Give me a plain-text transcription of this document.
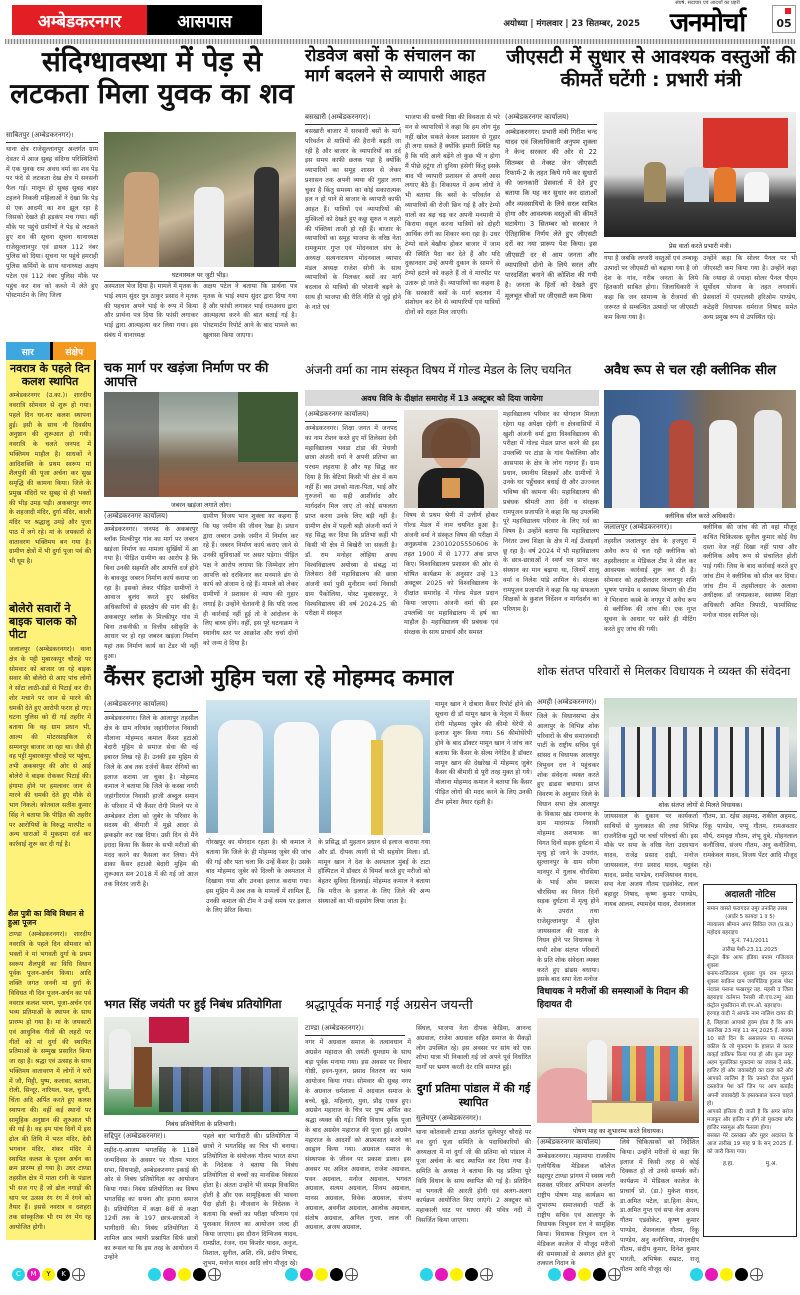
अम्बेडकरनगर	आसपास	अयोध्या | मंगलवार | 23 सितम्बर, 2025
संघर्ष, सदाचार एवं आदर्शों का प्रहरी
जनमोर्चा	05
संदिग्धावस्था में पेड़ से लटकता मिला युवक का शव
साबितपुर (अम्बेडकरनगर)।
थाना क्षेत्र राजेसुल्तानपुर अन्तर्गत ग्राम देवतर में आज सुबह संदिग्ध परिस्थितियों में एक युवक राम अवध वर्मा का शव पेड़ पर फंदे से लटकता देख क्षेत्र में सनसनी फैल गई। मालूम हो सुबह सुबह बाहर टहलने निकली महिलाओं ने देखा कि पेड़ से एक आदमी का शव झूल रहा है जिसको देखते ही हड़कंप मच गया। वहीं मौके पर पहुंचे ग्रामीणों ने पेड़ से लटकते हुए शव की सूचना सूचना थानाध्यक्ष राजेसुल्तानपुर एवं डायल 112 नंबर पुलिस को दिया। सूचना पर पहुंचे हमराही पुलिस कर्मियों के साथ थानाध्यक्ष अक्षय पटेल एवं 112 नंबर पुलिस मौके पर पहुंच कर शव को कब्जे में लेते हुए पोस्टमार्टम के लिए जिला
घटनास्थल पर जुटी भीड़।
अस्पताल भेज दिया है। मामले में मृतक के भाई श्याम सुंदर पुत्र ठाकुर प्रसाद ने मृतक की पहचान अपने भाई के रूप में किया और प्रार्थना पत्र दिया कि फांसी लगाकर भाई द्वारा आत्महत्या कर लिया गया। इस संबंध में थानाध्यक्ष
अक्षय पटेल ने बताया कि प्रार्थना पत्र मृतक के भाई श्याम सुंदर द्वारा दिया गया है और फांसी लगाकर भाई रामअवध द्वारा आत्महत्या करने की बात बताई गई है। पोस्टमार्टम रिपोर्ट आने के बाद मामले का खुलासा किया जाएगा।
रोडवेज बसों के संचालन का मार्ग बदलने से व्यापारी आहत
बसखारी (अम्बेडकरनगर)।
बसखारी बाजार में सरकारी बसों के मार्ग परिवर्तन से यात्रियों की हैरानी बढ़ती जा रही है और बाजार के व्यापारियों का दर्द इस समय काफी छलक पड़ा है क्योंकि व्यापारियों का समूह शासन से लेकर प्रशासन तक अपनी व्यथा की गुहार लगा चुका है किंतु समस्या का कोई सकारात्मक हल न हो पाने से बाजार के व्यापारी काफी आहत हैं। यात्रियों एवं व्यापारियों की मुश्किलों को देखते हुए कछु सुरुत न लहरो की पंक्तियां ताजी हो रही हैं। बाजार के व्यापारियों का समूह भाजपा के वरिष्ठ नेता रामकुमार गुप्त एवं मोदनवाल संघ के अध्यक्ष सत्यनारायण मोदनवाल व्यापार मंडल अध्यक्ष राजेश सोनी के साथ व्यापारियों के मिलकर बसों का मार्ग बदलाव से यात्रियों की परेशानी बढ़ने के साथ ही भाजपा की रीति नीति से जुड़े होने के नाते एवं
भाजपा की सच्ची निष्ठा की विवशता से भरे मन से व्यापारियों ने कहा कि हम लोग मुंह नहीं खोल सकते केवल प्रशासन से गुहार ही लगा सकते हैं क्योंकि हमारी स्थिति यह है कि यदि आगे बढ़ेंगे तो कुछ भी न होगा मैं पीछे हटूंगा तो दुनिया हंसेगी किंतु इसके बाद भी व्यापारी प्रशासन से अपनी आस लगाए बैठे हैं। शिकायत में अन्य लोगों ने भी बताया कि बसों के परिवर्तन से व्यापारियों की रोजी छिन गई है और टेम्पो वालों का बढ़ चढ़ कर अपनी मनमानी में किराया वसूल करना यात्रियों को दोहरी आर्थिक तंगी का शिकार बना रहा है। उधर टेम्पो वाले बेखौफ होकर बाजार में जाम की स्थिति पैदा कर देते हैं और यदि दुकानदार उन्हें अपनी दुकान के सामने से टेम्पो हटाने को कहते हैं तो वे मारपीट पर उतारू हो जाते हैं। व्यापारियों का कहना है कि सरकारी बसों के मार्ग बदलाव में संशोधन कर देने से व्यापारियों एवं यात्रियों दोनों को राहत मिल जाएगी।
जीएसटी में सुधार से आवश्यक वस्तुओं की कीमतें घटेंगी : प्रभारी मंत्री
(अम्बेडकरनगर कार्यालय)
अम्बेडकरनगर। प्रभारी मंत्री गिरीश चन्द यादव एवं जिलाधिकारी अनुपम शुक्ला ने केन्द सरकार की ओर से 22 सितम्बर से नेक्स्ट जेन जीएसटी रिफार्म-2 के तहत किये गये कर सुधारों की जानकारी प्रेसवार्ता में देते हुए बताया कि यह कर सुधार कर दाताओं और व्यवसायियों के लिये सरल साबित होगा और आवश्यक वस्तुओं की कीमतें घटायेगा। 3 सितम्बर को सरकार ने ऐतिहासिक निर्णय लेते हुए जीएसटी दरों का नया प्रारूप पेश किया। इस जीएसटी दर से आम जनता और व्यापारियों दोनो के लिये सरल और पारदर्शिता बनाने की कोशिश की गयी है। जनता के हितों को देखते हुए मूलभूत चीजों पर जीएसटी कम किया
प्रेस वार्ता करते प्रभारी मंत्री।
गया है जबकि लग्जरी वस्तुओं एवं तम्बाकू उत्पादों पर जीएसटी को बढ़ाया गया है जो देश के गांव, गरीब जनता के लिये हितकारी साबित होगा। जिलाधिकारी ने कहा कि जन सामान्य के रोजमर्रा की जरूरत से सम्बन्धित उत्पादों पर जीएसटी कम किया गया है।
उन्होंने कहा कि सोलर पैनल पर भी जीएसटी कम किया गया है। उन्होंने कहा कि ज्यादा से ज्यादा सोलर पैनल पीएम सूर्योदय योजना के तहत लगवायें। प्रेसवार्ता में एमएलसी हरिओम पाण्डेय, कटेहरी विधायक धर्मराज निषाद समेत अन्य प्रमुख रूप से उपस्थित रहे।
सार	संक्षेप
नवरात्र के पहले दिन कलश स्थापित
अम्बेडकरनगर (उ.का.)। शारदीय नवरात्रि सोमवार से शुरू हो गया। पहले दिन घर-घर कलश स्थापना हुई। इसी के साथ नौ दिवसीय अनुष्ठान की शुरूआत हो गयी। नवरात्रि के चलते जनपद में भक्तिमय माहौल है। साधकों ने आदिशक्ति के प्रथम स्वरूप मां शैलपुत्री की पूजा अर्चना कर सुख समृद्धि की कामना किया। जिले के प्रमुख मंदिरों पर सुबह से ही भक्तों की भीड़ उमड़ पड़ी। अकबरपुर नगर के शहजादी मंदिर, दुर्गा मंदिर, काली मंदिर पर श्रद्धालु उमड़े और पूजा पाठ में लगे रहे। मां के जयकारों से वातावरण भक्तिमय बन गया है। ग्रामीण क्षेत्रों में भी दुर्गा पूजा पर्व की भी धूम है।
बोलेरो सवारों ने बाइक चालक को पीटा
जलालपुर (अम्बेडकरनगर)। थाना क्षेत्र के पट्टी मुबारकपुर चौराहे पर सोमवार को बाजार जा रहे बाइक सवार की बोलेरो से आए पांच लोगों ने सोंटा लाठी-डंडों से पिटाई कर दी। शोर मचाने पर जान से मारने की धमकी देते हुए आरोपी फरार हो गए। घटना पुलिस को दी गई तहरीर में बताया कि वह ग्राम प्रधान भी, आल्म की मोटरसाइकिल से सम्मनपुर बाजार जा रहा था। जैसे ही वह पट्टी मुबारकपुर चौराहे पर पहुंचा, तभी अकबरपुर की ओर से आई बोलेरो ने बाइक रोककर पिटाई की। हंगामा होने पर हमलावर जान से मारने की धमकी देते हुए मौके से भाग निकले। कोतवाल सतीश कुमार सिंह ने बताया कि पीड़ित की तहरीर पर आरोपियों के विरुद्ध मारपीट व अन्य धाराओं में मुकदमा दर्ज कर कार्रवाई शुरू कर दी गई है।
शैल पुत्री का विधि विधान से हुआ पूजन
टाण्डा (अम्बेडकरनगर)। शारदीय नवरात्रि के पहले दिन सोमवार को भक्तों ने मां भगवती दुर्गा के प्रथम स्वरूप शैलपुत्री का विधि विधान पूर्वक पूजन-अर्चन किया। आदि शक्ति जगत जननी मां दुर्गा के विविधत नौ दिन पूजन-अर्चन का पर्व नवरात्र कलश भरण, पूजा-अर्चन एवं भव्य प्रतिमाओं के स्थापन के साथ प्रारम्भ हो गया है। मां के जयकारों एवं आधुनिक गीतों की लहरों पर गीतों को मां दुर्गा की स्थापित प्रतिमाओं के सम्मुख प्रसारित किया जा रहा है। श्रद्धा एवं उत्साह के साथ भक्तिमय वातावरण में लोगों ने घरों में जौ, मिट्टी, पुष्प, कलावा, बताशा, रोली, सिन्दूर, नारियल, फल, चुनरी, चिंता अदि अर्पित करते हुए कलश स्थापना की। वहीं कई स्थानों पर सामूहिक अनुष्ठान की शुरुआत भी की गई है। वह हम पांच दिनों में इस ढ़ोल की तिथि में भरत मंदिर, देवी भगवान मंदिर, शंकर मंदिर में स्थापित कलश के पूजन अर्चन का क्रम प्रारम्भ हो गया है। उधर टाण्डा तहसील क्षेत्र में माता रानी के पंडाल भी सज गए हैं जो ढोल नगाड़ों की थाप पर उत्सव रंग रंग में रंगने को तैयार हैं। इससे नवरात्र व दशहरा तक सांस्कृतिक भी रम रंग मेंग रह आयोजित होगी।
चक मार्ग पर खड़ंजा निर्माण पर की आपत्ति
जबरन खड़ंजा लगाते लोग।
(अम्बेडकरनगर कार्यालय)
अम्बेडकरनगर। जनपद के अकबरपुर ब्लॉक मिल्कीपुर गांव का मार्ग पर जबरन खड़ंजा निर्माण का मामला सुर्खियों में आ गया है। पीड़ित ग्रामीण का आरोप है कि बिना उनकी सहमति और आपत्ति दर्ज होने के बावजूद जबरन निर्माण कार्य कराया जा रहा है। इसको लेकर पीड़ित ग्रामीणों ने आवाज बुलंद करते हुए संबंधित अधिकारियों से हस्तक्षेप की मांग की है। अकबरपुर ब्लॉक के मिल्कीपुर गांव में बिना तकनीकी व वित्तीय स्वीकृति के आधार पर हो रहा जबरन खड़ंजा निर्माण यहां तक निर्माण कार्य का टेंडर भी नहीं हुआ।
ग्रामीण विजय भान शुक्ला का कहना है कि यह जमीन की जीवन रेखा है। प्रधान द्वारा जबरन उनके जमीन में निर्माण कर रहे हैं। जबरन निर्माण कार्य कराए जाने से उनकी सुविधाओं पर असर पड़ेगा। पीड़ित पक्ष ने आरोप लगाया कि जिम्मेदार लोग आपत्ति को दरकिनार कर मनमाने ढंग से कार्य को अंजाम दे रहे हैं। मामले को लेकर ग्रामीणों ने प्रशासन से न्याय की गुहार लगाई है। उन्होंने चेतावनी है कि यदि जल्द ही कार्रवाई नहीं हुई तो वे आंदोलन के लिए बाध्य होंगे। वहीं, इस पूरे घटनाक्रम ने स्थानीय स्तर पर आक्रोश और चर्चा दोनों को जन्म दे दिया है।
अंजनी वर्मा का नाम संस्कृत विषय में गोल्ड मेडल के लिए चयनित
अवध विवि के दीक्षांत समारोह में 13 अक्टूबर को दिया जायेगा
(अम्बेडकरनगर कार्यालय)
अम्बेडकरनगर। शिक्षा जगत में जनपद का नाम रोशन करते हुए माँ तिलेसरा देवी महाविद्यालय भवडा टांडा की मेधावी छात्रा अंजनी वर्मा ने अपनी प्रतिभा का परचम लहराया है और यह सिद्ध कर दिया है कि बेटियां किसी भी क्षेत्र में कम नहीं हैं। बस उनको माता-पिता, भाई और गुरुजनों का सही आशीर्वाद और मार्गदर्शन मिल जाए तो कोई सफलता प्राप्त करना उनके लिए बड़ी नहीं है। ग्रामीण क्षेत्र में पहली बड़ी अंजनी वर्मा ने यह सिद्ध कर दिया कि प्रतिभा कहीं भी किसी भी क्षेत्र में बिखेरी जा सकती है। डॉ. राम मनोहर लोहिया अवध विश्वविद्यालय अयोध्या से संबद्ध मां तिलेसरा देवी महाविद्यालय की छात्रा अंजनी वर्मा पुत्री मुनीराम वर्मा निवासी ग्राम पैकोलिया, पोस्ट मुबारकपुर, ने विश्वविद्यालय की वर्ष 2024-25 की परीक्षा में संस्कृत
विषय से प्रथम श्रेणी में उत्तीर्ण होकर गोल्ड मेडल में नाम चयनित हुआ है। अंजनी वर्मा ने संस्कृत विषय की परीक्षा में अनुक्रमांक 23010205550606 के तहत 1900 में से 1777 अंक प्राप्त किए। विश्वविद्यालय प्रशासन की ओर से घोषित कार्यक्रम के अनुसार उन्हें 13 अक्टूबर 2025 को विश्वविद्यालय के दीक्षांत समारोह में गोल्ड मेडल प्रदान किया जाएगा। अंजनी वर्मा की इस उपलब्धि पर महाविद्यालय में हर्ष का माहौल है। महाविद्यालय की प्रबंधक एवं संरक्षक के साथ प्राचार्य और समस्त
महाविद्यालय परिवार का योगदान मिलता रहेगा यह अपेक्षा रहेगी व क्षेत्रवासियों में खुशी अंजनी वर्मा द्वारा विश्वविद्यालय की परीक्षा में गोल्ड मेडल प्राप्त करने की इस उपलब्धि पर टांडा के गांव पैकोलिया और आसपास के क्षेत्र के लोग गदगद हैं। ग्राम प्रधान, स्थानीय शिक्षकों और ग्रामीणों ने उनके घर पहुँचकर बधाई दी और उज्ज्वल भविष्य की कामना की। महाविद्यालय की प्रबंधक श्रीमती तारा देवी व संरक्षक रामपूजन प्रजापति ने कहा कि यह उपलब्धि पूरे महाविद्यालय परिवार के लिए गर्व का विषय है। उन्होंने बताया कि महाविद्यालय निरंतर उच्च शिक्षा के क्षेत्र में नई ऊँचाइयाँ छू रहा है। वर्ष 2024 में भी महाविद्यालय के छात्र-छात्राओं ने स्वर्ण पत्र प्राप्त कर संस्थान का मान बढ़ाया था, जिनमें शालू वर्मा व निलेश पांडे शामिल थे। संरक्षक रामपूजन प्रजापति ने कहा कि यह सफलता शिक्षकों के कुशल निर्देशन व मार्गदर्शन का परिणाम है।
अवैध रूप से चल रही क्लीनिक सील
क्लीनिक सील करते अधिकारी।
जलालपुर (अम्बेडकरनगर)।
तहसील जलालपुर क्षेत्र के हजपुरा में अवैध रूप से चल रही क्लीनिक को तहसीलदार व मेडिकल टीम ने सील कर आवश्यक कार्रवाई शुरू कर दी है। सोमवार को तहसीलदार जलालपुर शशि भूषण पाण्डेय व स्वास्थ्य विभाग की टीम ने भिरवारा कस्बे के नगपुर में अवैध रूप से क्लीनिक की जांच की। एक गुप्त सूचना के आधार पर सवेरे ही मीटिंग करते हुए जांच की गयी।
क्लीनिक की जांच की तो वहां मौजूद कथित चिकित्सक सुनील कुमार कोई वैध दस्ता वेज नहीं दिखा नहीं पाया और क्लीनिक अवैध रूप से संचालित होती पाई गयी। जिस के बाद कार्रवाई करते हुए जांच टीम ने क्लीनिक को सील कर दिया। जांच टीम में तहसीलदार के अलावा अधीक्षक डॉ जयप्रकाश, स्वास्थ्य शिक्षा अधिकारी अमित त्रिपाठी, फार्मासिस्ट मनोज यादव शामिल रहे।
कैंसर हटाओ मुहिम चला रहे मोहम्मद कमाल
(अम्बेडकरनगर कार्यालय)
अम्बेडकरनगर। जिले के आलापुर तहसील क्षेत्र के ग्राम नरियांव जहांगीरगंज निवासी मौलाना मोहम्मद कमाल कैंसर हटाओ बेदारी मुहिम से समाज सेवा की नई इबारत लिख रहे हैं। उनकी इस मुहिम से जिले के अब तक दर्जनों कैंसर रोगियों का इलाज कराया जा चुका है। मोहम्मद कमाल ने बताया कि जिले के कस्बा नगरी जहांगीरगंज निवासी हाजी अब्दुल समान के परिवार में भी कैंसर रोगी मिलने पर वे अम्बेडकर टोला को जुबेर के परिवार के सदस्य की बीमारी में मुझे आदर से झकझोर कर रख दिया। उसी दिन से मैंने इरादा किया कि कैंसर के सभी मरीजों की मदद करने का फैसला कर लिया। मैंने ढाका कैंसर हटाओ बेदारी मुहिम की शुरूआत सन 2018 में की गई जो आज तक निरंतर जारी है।
गोरखपुर का योगदान रहता है। श्री कमाल ने बताया कि जिले के ही मोहम्मद जुबेर की जांच की गई और पता चला कि उन्हें कैंसर है। उसके बाद मोहम्मद जुबेर को दिल्ली के अस्पताल में दिखाया गया और उनका इलाज कराया गया। इस मुहिम में अब तक के मामलों में शामिल हैं, उनकी कमाल की टीम ने उन्हें समय पर इलाज के लिए प्रेरित किया।
के प्रसिद्ध डॉ मुहतान प्रधान से इलाज कराया गया और डॉ. दीपक त्यागी से भी सहयोग मिला। डॉ. मामून खान ने देश के अस्पताल मुंबई के टाटा हॉस्पिटल में डॉक्टर से विमर्श करते हुए मरीजों को बेहतर सुविधा दिलवाई। मोहम्मद कमाल ने बताया कि मरीज के इलाज के लिए जिले की अन्य संस्थाओं का भी सहयोग लिया जाता है।
मामून खान ने दोबारा कैंसर रिपोर्ट होने की सूचना दी डॉ मामून खान के नेतृत्व में कैंसर रोगी मोहम्मद जुबेर की कीमो थेरेपी से इलाज शुरू किया गया। 56 कीमोथेरेपी होने के बाद डॉक्टर मामून खान ने जांच कर बताया कि कैंसर के सेल्स नेगेटिव है डॉक्टर मामून खान की देखरेख में मोहम्मद जुबेर कैंसर की बीमारी से पूरी तरह मुक्त हो गये। मौलाना मोहम्मद कमाल ने बताया कि कैंसर पीड़ित लोगों की मदद करने के लिए उनकी टीम हमेशा तैयार रहती है।
शोक संतप्त परिवारों से मिलकर विधायक ने व्यक्त की संवेदना
अमही (अम्बेडकरनगर)।
जिले के विधानसभा क्षेत्र आलापुर के विभिन्न शोक परिवारों के बीच समाजवादी पार्टी के राष्ट्रीय सचिव पूर्व सांसद व विधायक आलापुर त्रिभुवन दत्त ने पहुंचकर शोक संवेदना व्यक्त करते हुए ढाढस बधाया। प्राप्त विवरण के अनुसार जिले के विधान सभा क्षेत्र आलापुर के विकास खंड रामनगर के ग्राम मादरमऊ निवासी मोहम्मद अशफाक का विगत दिनों सड़क दुर्घटना में मृत्यु हो जाने के उपरांत, सुल्तानपुर के ग्राम सरैया मानपुर में गुलाब चौरसिया के भाई ओम प्रकाश चौरसिया का विगत दिनों सड़क दुर्घटना में मृत्यु होने के उपरांत तथा राजेसुल्तानपुर में सुरेश जायसवाल की माता के निधन होने पर विधायक ने सभी शोक संतप्त परिवारों के प्रति शोक संवेदना व्यक्त करते हुए ढांढस बधाया। इसके बाद सपा नेता मनोज
शोक संतप्त लोगों से मिलते विधायक।
जायसवाल के दुकान पर कार्यकर्ता साथियों से मुलाकात की तथा विभिन्न राजनैतिक मुद्दों पर चर्चा परिचर्चा की। इस मौके पर सपा के वरिष्ठ नेता उदयभान यादव, राजेंद्र प्रसाद दाढ़ी, मनोज जायसवाल, गंगा प्रसाद यादव, यदुवंश यादव, प्रमोद पाण्डेय, रामजियावन यादव, सपा नेता अजय गौतम एडवोकेट, लाल बहादुर निषाद, कृष्ण कुमार पाण्डेय, नायब आलम, श्यामदेव यादव, रोशनलाल
गौतम, डा. रईस अहमद, शकील अहमद, रिंकू पाण्डेय, पप्पू गौतम, रामअवतार मौर्य, रामवृक्ष गौतम, शंभू दुबे, मोहनलाल कनौजिया, संजय गौतम, अनु कनौजिया, रामकेवल यादव, विजय पेंटर आदि मौजूद रहे।
अदालती नोटिस
समान वासते फरागदत उमूर तनकीह तलब
(आर्डर 5 कायदा 1 व 5)
न्यायालय श्रीमान अपर सिविल जज (प्र.ख.) महोदय बहराइच
मु.नं. 741/2011
तारीख पेशी-23.11.2025
सेन्ट्रल बैंक आफ इंडिया बनाम गजिलाल शुक्ला
बनाम-राजितराम शुक्ला पुत्र राम मुरारत शुक्ला साकिन ग्राम जयपिंडिया हुलास पोस्ट नंदवल पनाना फखरपुर तह. महसी व जिला बहराइच वर्तमान रैनासी सी.एच.टम्पू अंडा कंट्रोल मुकविरान सी.एम.ओ. बहराइच।
हरगाह वादी ने आपके नाम नालिश दायर की है, लिहाजा आपको हुक्म होता है कि आप बतारीख 23 माह 11 सन् 2025 ई. बवक्त 10 बजे दिन के असालतन या मारफत वकील के जो मुकदमा के हालात से करार वाक्ई वाकिफ किया गया हो और कुल उमूर अहम मुतालिका मुकदमा का जवाब दे सके, हाजिर हों और जवाबदेही का दावा करें और आपको लाजिम है कि उनको रोज मुकर्रा दस्तावेज पेश करें जिन पर आप बतार्ईद अपनी जवाबदेही के इस्तकबाल करना चाहते हो।
आपको इत्तिला दी जाती है कि अगर बरोज मजकूर और हाजिर न होंगे तो मुकदमा बगैर हाजिर मसमुअ और फैसला होगा।
बसबत मेरे दस्तखत और मुहर अदालत के आज तारीख 19 माह 9 के सन् 2025 ई. को जारी किया गया।
ह.हा.	मु.अ.
भगत सिंह जयंती पर हुई निबंध प्रतियोगिता
निबंध प्रतियोगिता के प्रतिभागी।
सद्दिपुर (अम्बेडकरनगर)।
शहीद-ए-आजम भगतसिंह के 118वें जन्मदिवस के अवसर पर गौतम भारत सभा, सिधपाही, अम्बेडकरनगर इकाई की ओर से निबंध प्रतियोगिता का आयोजन किया गया। निबंध प्रतियोगिता का विषय भगतसिंह का सपना और हमारा समाज है। प्रतियोगिता में कक्षा 8वीं से कक्षा 12वीं तक के 197 छात्र-छात्राओं ने भागीदारी की। निबंध प्रतियोगिता में शामिल छात्र व्यापी प्रश्नापित सिर्फ छात्रों का रूसल था कि इस तरह के आयोजन में उन्होंने
पहले बार भागीदारी की। प्रतियोगिता में छात्रों ने भगतसिंह का चित्र भी बनाया। प्रतियोगिता के संयोजक गौतम भारत सभा के निदेशक ने बताया कि निबंध प्रतियोगिता से बच्चों का मानसिक विकास होता है। अंततः उन्होंने भी समझ विकसित होती है और एक सामूहिकता की भावना पैदा होती है। नौजवान के निदेशक ने बताया कि बच्चों का परीक्षा परिणाम एवं पुरस्कार वितरण का आयोजन जल्द ही किया जाएगा। इस दौरान दिग्विजय यादव, रामप्रीत, रंजन, राम किशोर यादव, अनुज, विशाल, सुनील, अशि, रवि, प्रदीप निषाद, शुभम, मनोज यादव आदि लोग मौजूद रहे।
श्रद्धापूर्वक मनाई गई अग्रसेन जयन्ती
टाण्डा (अम्बेडकरनगर)।
नगर में अग्रवाल समाज के तत्वावधान में अग्रसेन महाराज की जयंती धूमधाम के साथ बड़ा पूर्वक मनाया गया। इस अवसर पर विचार गोष्ठी, हवन-पूजन, प्रसाद वितरण का भव्य आयोजन किया गया। सोमवार की सुबह नगर के अग्रवाल धर्मशाला में अग्रवाल समाज के बच्चे, बूढ़े, महिलाएं, युवा, प्रौढ़ एकत्र हुए। अग्रसेन महाराज के चित्र पर पुष्प अर्पित कर श्रद्धा व्यक्त की गई। विधि विधान पूर्वक पूजा के बाद अग्रसेन महाराज की पूजा हुई। अग्रसेन महाराज के आदर्शों को आत्मसात करने का आह्वान किया गया। अग्रवाल समाज के संस्थापक के जीवन पर प्रकाश डाला। इस अवसर पर अनिल अग्रवाल, राजेश अग्रवाल, पवन अग्रवाल, मनोज अग्रवाल, भगवत अग्रवाल, सत्यम अग्रवाल, शिवम अग्रवाल, मानस अग्रवाल, विवेक अग्रवाल, संजय अग्रवाल, अवनीश अग्रवाल, आलोक अग्रवाल, संतोष अग्रवाल, अनिल गुप्ता, लाल जी अग्रवाल, अजय अग्रवाल,
सिंघल, भाजपा नेता दीपक केडिया, आनन्द अग्रवाल, राजेश अग्रवाल सहित समाज के सैकड़ों लोग उपस्थित रहे। इस अवसर पर सांय को एक शोभा यात्रा भी निकाली गई जो अपने पूर्व निर्धारित मार्गों पर भ्रमण करती देर रात्रि समाप्त हुई।
दुर्गा प्रतिमा पांडाल में की गई स्थापित
सुलेमपुर (अम्बेडकरनगर)।
थाना कोतवाली टाण्डा अंतर्गत सुलेमपुर चौराहे पर नव दुर्गा पूजा समिति के पदाधिकारियों की अध्यक्षता में मां दुर्गा जी की प्रतिमा को पांडाल में पूजा अर्चना के बाद स्थापित कर दिया गया है। समिति के अध्यक्ष ने बताया कि यह प्रतिमा पूरे विधि विधान के साथ स्थापित की गई है। प्रतिदिन मां भगवती की आरती होगी एवं अलग-अलग कार्यक्रम आयोजित किए जाएंगे। 2 अक्टूबर को महाकाली घाट पर घाघरा की पवित्र नदी में विसर्जित किया जाएगा।
विधायक ने मरीजों की समस्याओं के निदान की हिदायत दी
पोषण माह का शुभारम्भ करते विधायक।
(अम्बेडकरनगर कार्यालय)
अम्बेडकरनगर। महामाया राजकीय एलोपैथिक मेडिकल कॉलेज सद्दरपुर टाण्डा प्रांगण में स्वस्थ नारी सशक्त परिवार अभियान अन्तर्गत राष्ट्रीय पोषण माह कार्यक्रम का शुभारम्भ समाजवादी पार्टी के राष्ट्रीय सचिव एवं आलापुर के विधायक त्रिभुवन दत्त ने सामूहिक किया। विधायक त्रिभुवन दत्त ने मेडिकल कालेज में मौजूद मरीजों की समस्याओं से अवगत होते हुए तत्काल निदान के
लिये चिकित्सकों को निर्देशित किया। उन्होंने मरीजों से कहा कि इलाज में किसी तरह से कोई दिक्कत हो तो उनसे सम्पर्क करें। कार्यक्रम में मेडिकल कालेज के प्राचार्य प्रो. (डा.) मुकेश यादव, डा.अमित पटेल, डा.हिना मेमन, डा.अमित गुप्त एवं सपा नेता अजय गौतम एडवोकेट, कृष्ण कुमार पाण्डेय, रोशनलाल गौतम, रिंकू पाण्डेय, अनु कनौजिया, मंगलदीप गौतम, संदीप कुमार, दिनेश कुमार भारती, अभिषेक सम्राट, राजू गौतम आदि मौजूद रहे।
C	M	Y	K
